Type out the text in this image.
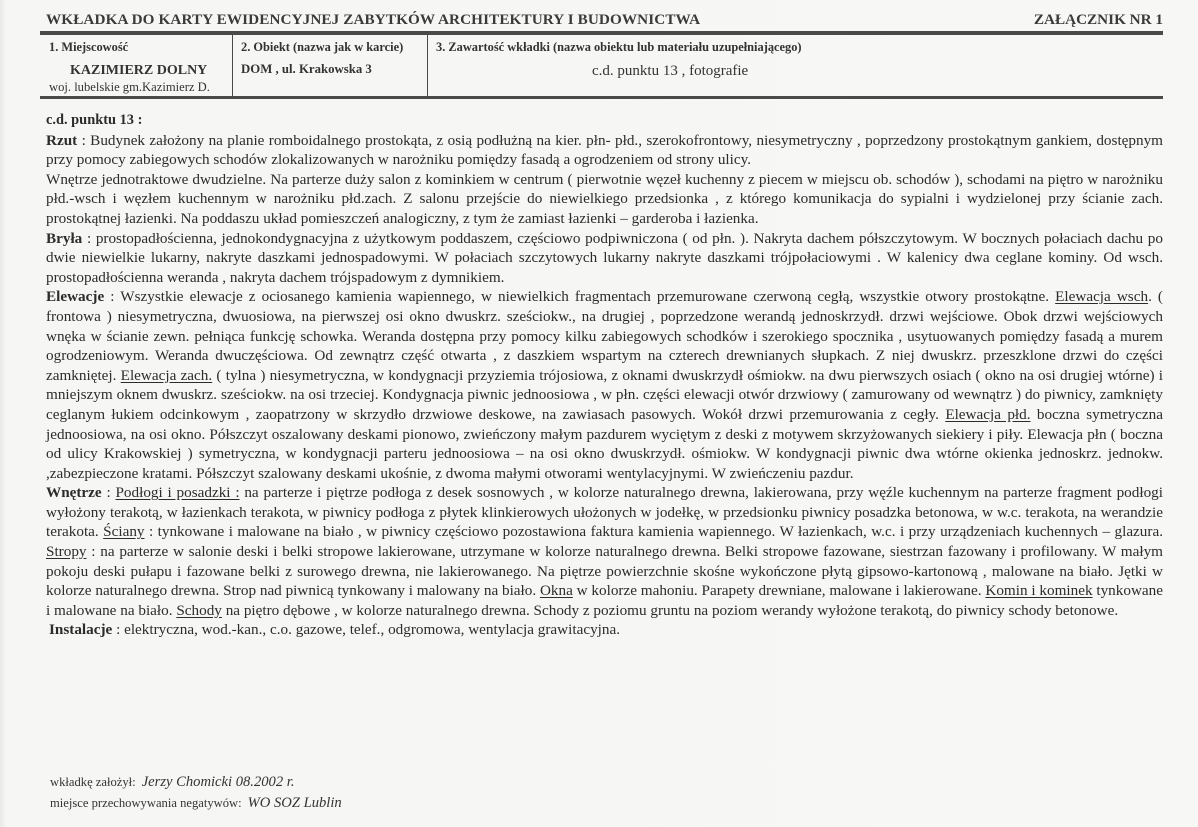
WKŁADKA DO KARTY EWIDENCYJNEJ ZABYTKÓW ARCHITEKTURY I BUDOWNICTWA	ZAŁĄCZNIK NR 1
1. Miejscowość
KAZIMIERZ DOLNY
woj. lubelskie gm.Kazimierz D.
2. Obiekt (nazwa jak w karcie)
DOM , ul. Krakowska 3
3. Zawartość wkładki (nazwa obiektu lub materiału uzupełniającego)
c.d. punktu 13 , fotografie

c.d. punktu 13 :

Rzut : Budynek założony na planie romboidalnego prostokąta, z osią podłużną na kier. płn- płd., szerokofrontowy, niesymetryczny , poprzedzony prostokątnym gankiem, dostępnym przy pomocy zabiegowych schodów zlokalizowanych w narożniku pomiędzy fasadą a ogrodzeniem od strony ulicy.

Wnętrze jednotraktowe dwudzielne. Na parterze duży salon z kominkiem w centrum ( pierwotnie węzeł kuchenny z piecem w miejscu ob. schodów ), schodami na piętro w narożniku płd.-wsch i węzłem kuchennym w narożniku płd.zach. Z salonu przejście do niewielkiego przedsionka , z którego komunikacja do sypialni i wydzielonej przy ścianie zach. prostokątnej łazienki. Na poddaszu układ pomieszczeń analogiczny, z tym że zamiast łazienki – garderoba i łazienka.

Bryła : prostopadłościenna, jednokondygnacyjna z użytkowym poddaszem, częściowo podpiwniczona ( od płn. ). Nakryta dachem półszczytowym. W bocznych połaciach dachu po dwie niewielkie lukarny, nakryte daszkami jednospadowymi. W połaciach szczytowych lukarny nakryte daszkami trójpołaciowymi . W kalenicy dwa ceglane kominy. Od wsch. prostopadłościenna weranda , nakryta dachem trójspadowym z dymnikiem.

Elewacje : Wszystkie elewacje z ociosanego kamienia wapiennego, w niewielkich fragmentach przemurowane czerwoną cegłą, wszystkie otwory prostokątne. Elewacja wsch. ( frontowa ) niesymetryczna, dwuosiowa, na pierwszej osi okno dwuskrz. sześciokw., na drugiej , poprzedzone werandą jednoskrzydł. drzwi wejściowe. Obok drzwi wejściowych wnęka w ścianie zewn. pełniąca funkcję schowka. Weranda dostępna przy pomocy kilku zabiegowych schodków i szerokiego spocznika , usytuowanych pomiędzy fasadą a murem ogrodzeniowym. Weranda dwuczęściowa. Od zewnątrz część otwarta , z daszkiem wspartym na czterech drewnianych słupkach. Z niej dwuskrz. przeszklone drzwi do części zamkniętej. Elewacja zach. ( tylna ) niesymetryczna, w kondygnacji przyziemia trójosiowa, z oknami dwuskrzydł ośmiokw. na dwu pierwszych osiach ( okno na osi drugiej wtórne) i mniejszym oknem dwuskrz. sześciokw. na osi trzeciej. Kondygnacja piwnic jednoosiowa , w płn. części elewacji otwór drzwiowy ( zamurowany od wewnątrz ) do piwnicy, zamknięty ceglanym łukiem odcinkowym , zaopatrzony w skrzydło drzwiowe deskowe, na zawiasach pasowych. Wokół drzwi przemurowania z cegły. Elewacja płd. boczna symetryczna jednoosiowa, na osi okno. Półszczyt oszalowany deskami pionowo, zwieńczony małym pazdurem wyciętym z deski z motywem skrzyżowanych siekiery i piły. Elewacja płn ( boczna od ulicy Krakowskiej ) symetryczna, w kondygnacji parteru jednoosiowa – na osi okno dwuskrzydł. ośmiokw. W kondygnacji piwnic dwa wtórne okienka jednoskrz. jednokw. ,zabezpieczone kratami. Półszczyt szalowany deskami ukośnie, z dwoma małymi otworami wentylacyjnymi. W zwieńczeniu pazdur.

Wnętrze : Podłogi i posadzki : na parterze i piętrze podłoga z desek sosnowych , w kolorze naturalnego drewna, lakierowana, przy węźle kuchennym na parterze fragment podłogi wyłożony terakotą, w łazienkach terakota, w piwnicy podłoga z płytek klinkierowych ułożonych w jodełkę, w przedsionku piwnicy posadzka betonowa, w w.c. terakota, na werandzie terakota. Ściany : tynkowane i malowane na biało , w piwnicy częściowo pozostawiona faktura kamienia wapiennego. W łazienkach, w.c. i przy urządzeniach kuchennych – glazura. Stropy : na parterze w salonie deski i belki stropowe lakierowane, utrzymane w kolorze naturalnego drewna. Belki stropowe fazowane, siestrzan fazowany i profilowany. W małym pokoju deski pułapu i fazowane belki z surowego drewna, nie lakierowanego. Na piętrze powierzchnie skośne wykończone płytą gipsowo-kartonową , malowane na biało. Jętki w kolorze naturalnego drewna. Strop nad piwnicą tynkowany i malowany na biało. Okna w kolorze mahoniu. Parapety drewniane, malowane i lakierowane. Komin i kominek tynkowane i malowane na biało. Schody na piętro dębowe , w kolorze naturalnego drewna. Schody z poziomu gruntu na poziom werandy wyłożone terakotą, do piwnicy schody betonowe.

Instalacje : elektryczna, wod.-kan., c.o. gazowe, telef., odgromowa, wentylacja grawitacyjna.

wkładkę założył: Jerzy Chomicki 08.2002 r.
miejsce przechowywania negatywów: WO SOZ Lublin
